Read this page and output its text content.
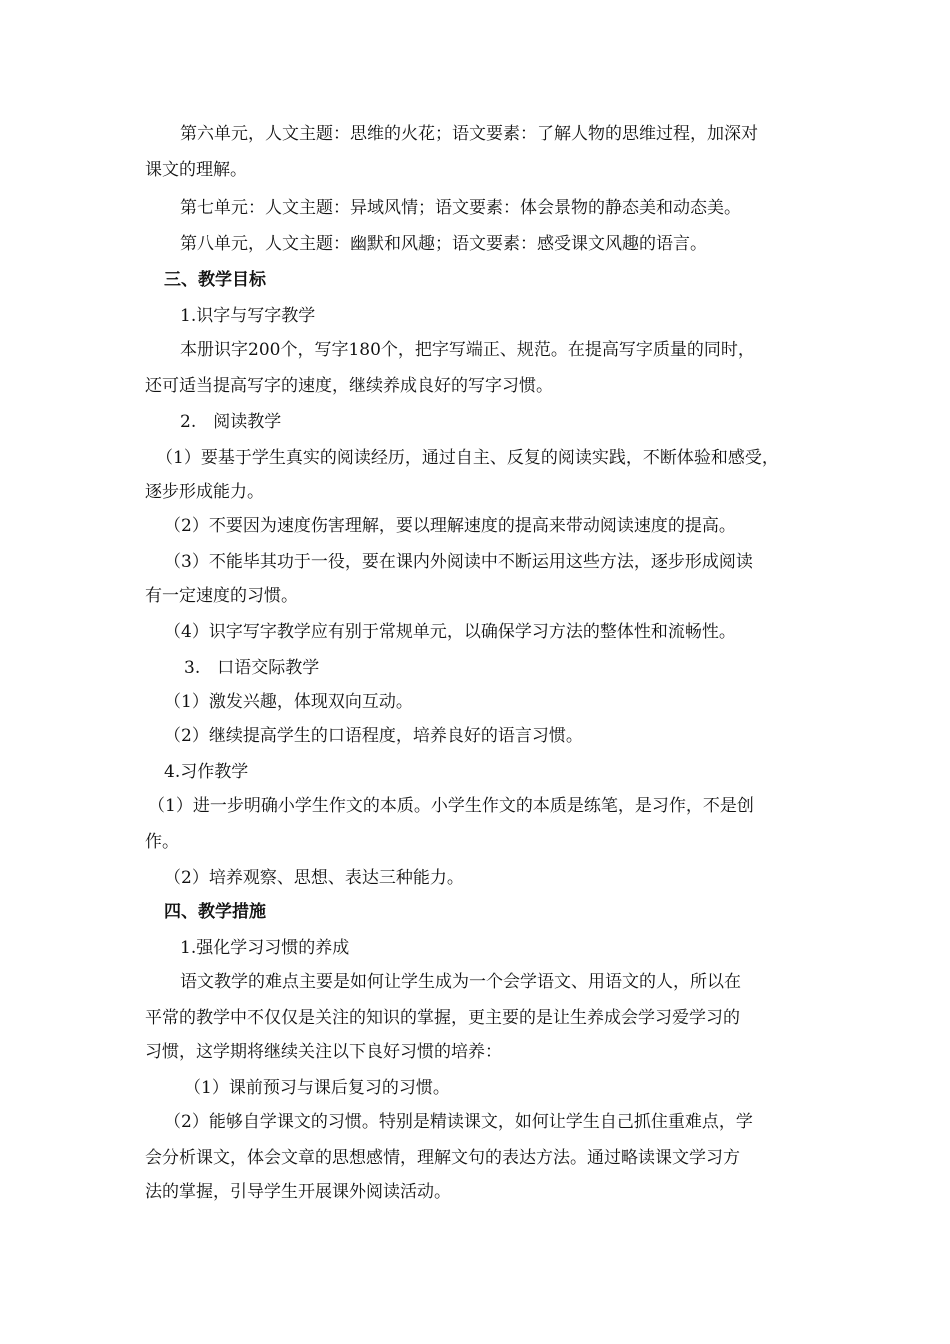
第六单元，人文主题：思维的火花；语文要素：了解人物的思维过程，加深对

课文的理解。

第七单元：人文主题：异域风情；语文要素：体会景物的静态美和动态美。

第八单元，人文主题：幽默和风趣；语文要素：感受课文风趣的语言。

三、教学目标

1.识字与写字教学

本册识字200个，写字180个，把字写端正、规范。在提高写字质量的同时，

还可适当提高写字的速度，继续养成良好的写字习惯。

2.　阅读教学

（1）要基于学生真实的阅读经历，通过自主、反复的阅读实践，不断体验和感受，

逐步形成能力。

（2）不要因为速度伤害理解，要以理解速度的提高来带动阅读速度的提高。

（3）不能毕其功于一役，要在课内外阅读中不断运用这些方法，逐步形成阅读

有一定速度的习惯。

（4）识字写字教学应有别于常规单元，以确保学习方法的整体性和流畅性。

3.　口语交际教学

（1）激发兴趣，体现双向互动。

（2）继续提高学生的口语程度，培养良好的语言习惯。

4.习作教学

（1）进一步明确小学生作文的本质。小学生作文的本质是练笔，是习作，不是创

作。

（2）培养观察、思想、表达三种能力。

四、教学措施

1.强化学习习惯的养成

语文教学的难点主要是如何让学生成为一个会学语文、用语文的人，所以在

平常的教学中不仅仅是关注的知识的掌握，更主要的是让生养成会学习爱学习的

习惯，这学期将继续关注以下良好习惯的培养：

（1）课前预习与课后复习的习惯。

（2）能够自学课文的习惯。特别是精读课文，如何让学生自己抓住重难点，学

会分析课文，体会文章的思想感情，理解文句的表达方法。通过略读课文学习方

法的掌握，引导学生开展课外阅读活动。
